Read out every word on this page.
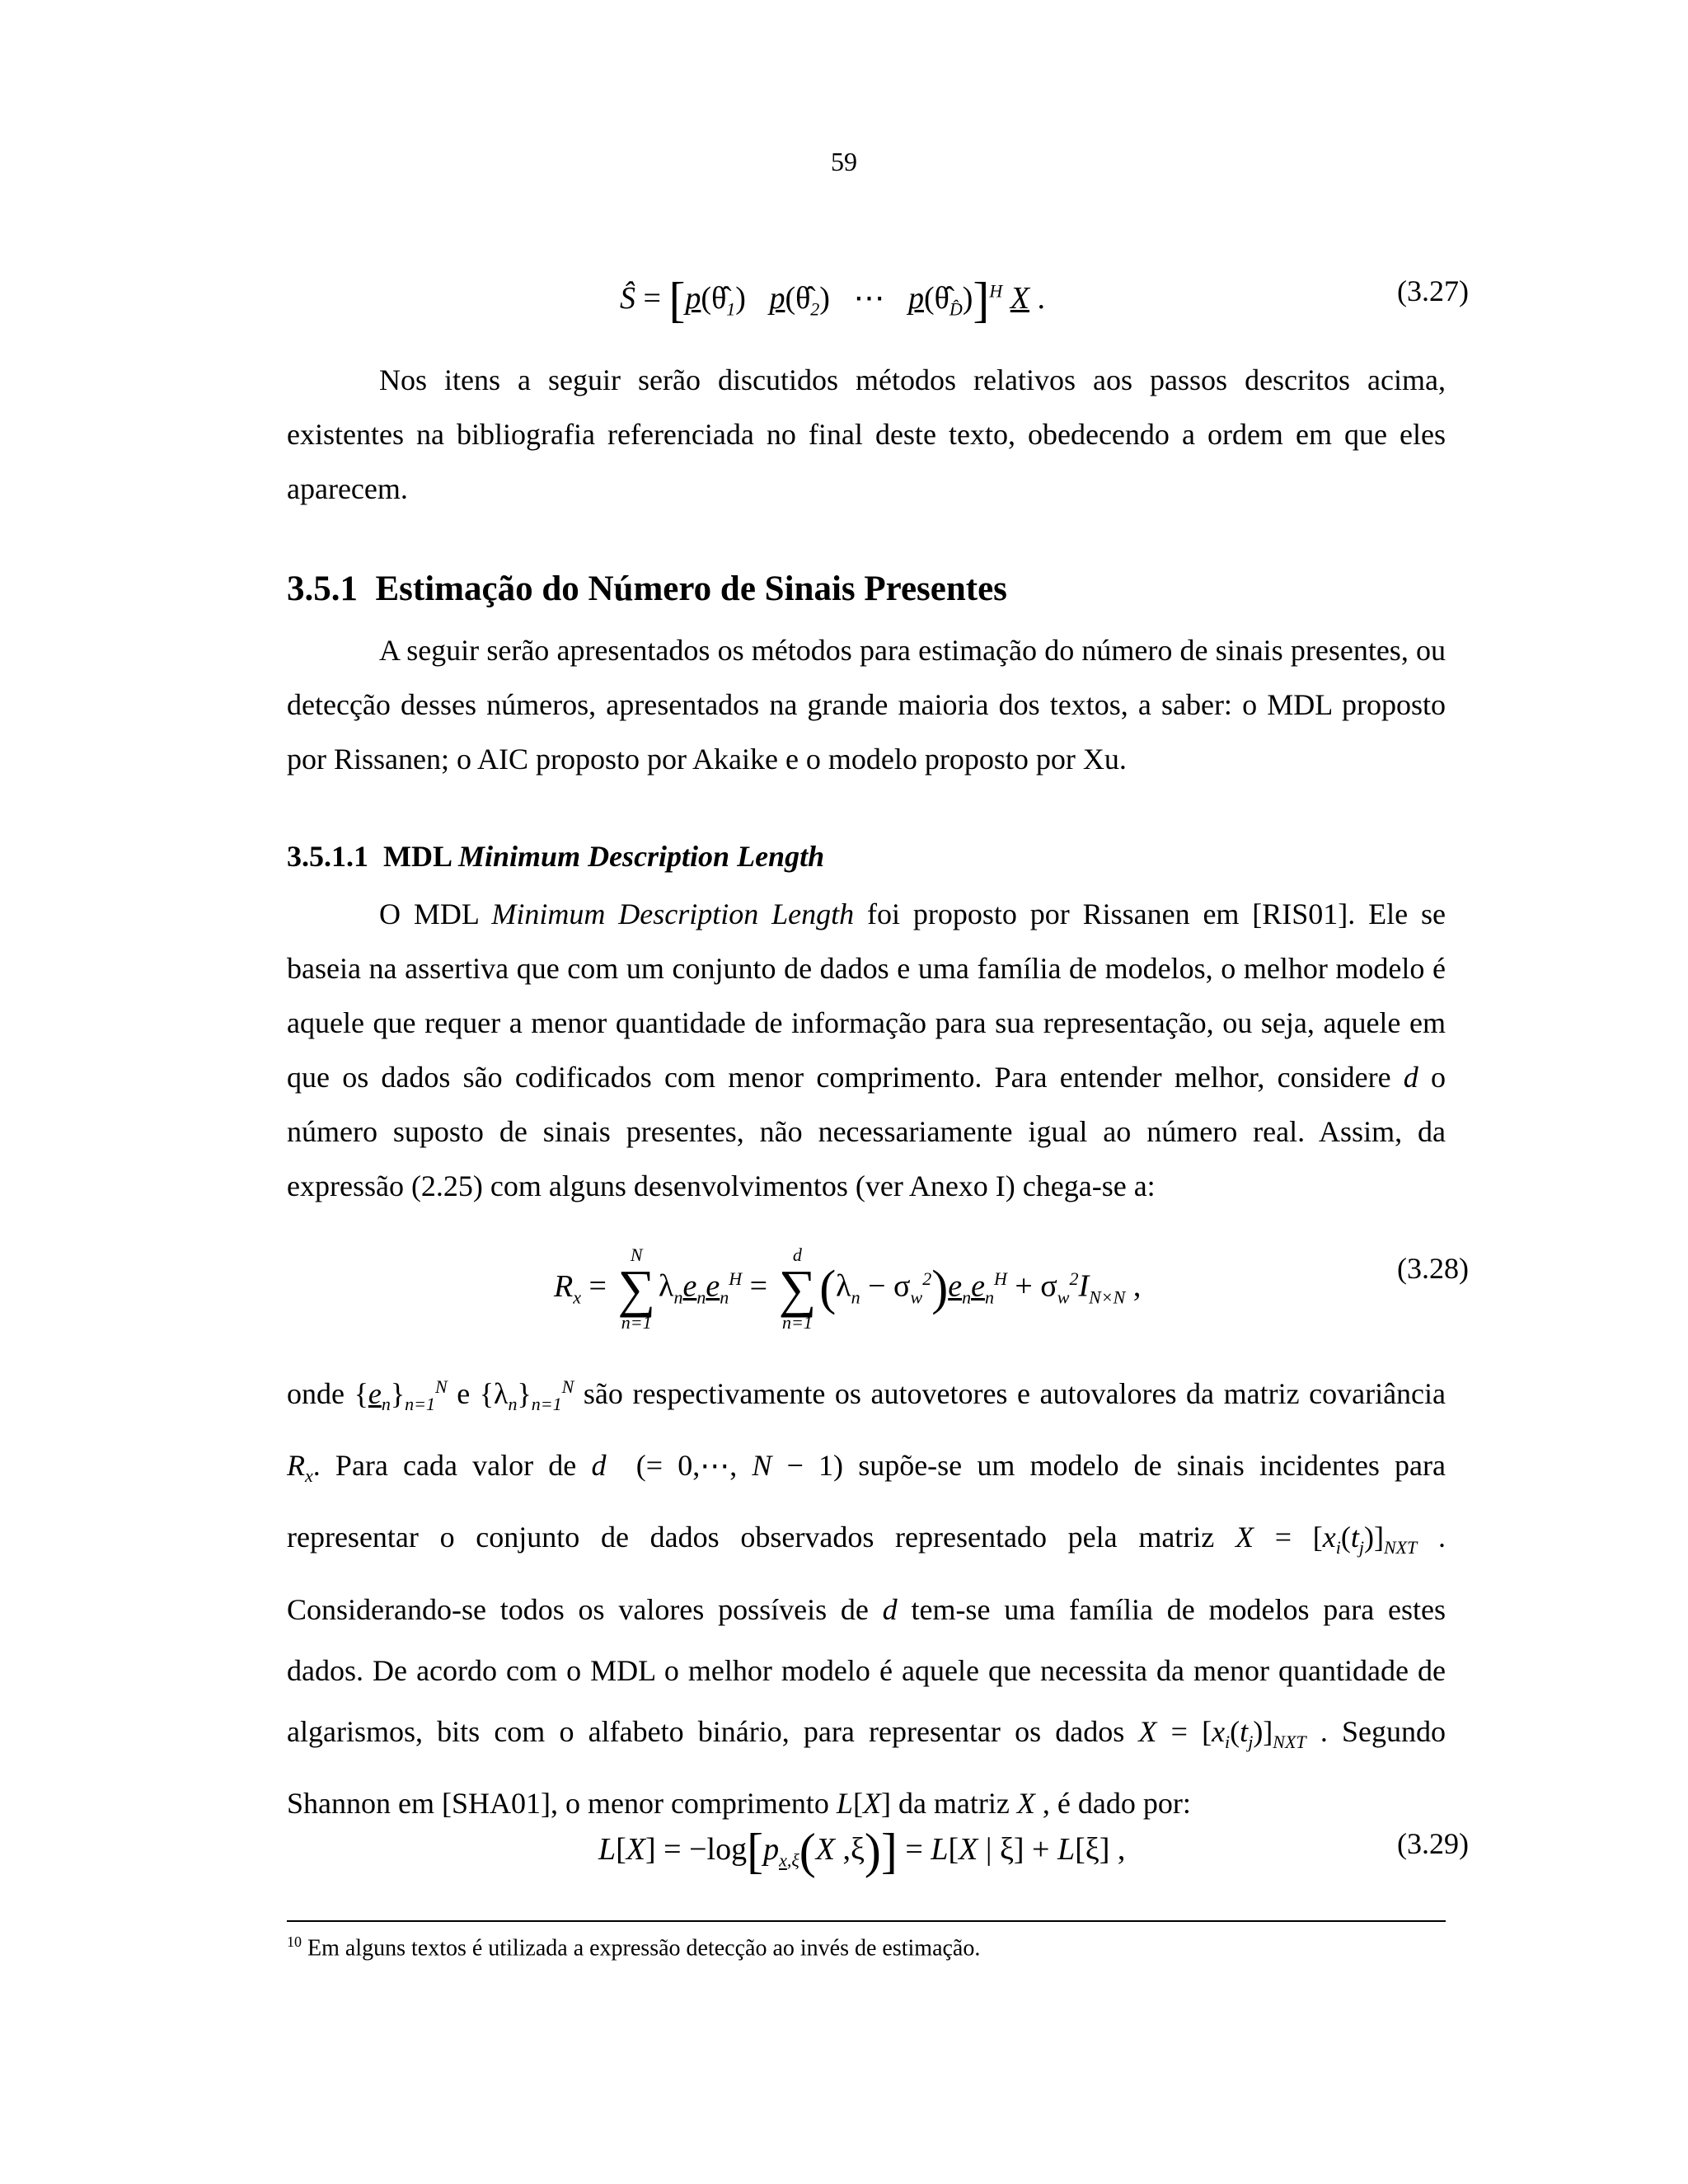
59
Ŝ = [$p(\thetâ_1)$   $p(\thetâ_2)$   ⋯   $p(\thetâ_{D̂})]^H$ X .	(3.27)

Nos itens a seguir serão discutidos métodos relativos aos passos descritos acima, existentes na bibliografia referenciada no final deste texto, obedecendo a ordem em que eles aparecem.

3.5.1 Estimação do Número de Sinais Presentes

A seguir serão apresentados os métodos para estimação do número de sinais presentes, ou detecção desses números, apresentados na grande maioria dos textos, a saber: o MDL proposto por Rissanen; o AIC proposto por Akaike e o modelo proposto por Xu.

3.5.1.1 MDL Minimum Description Length

O MDL Minimum Description Length foi proposto por Rissanen em [RIS01]. Ele se baseia na assertiva que com um conjunto de dados e uma família de modelos, o melhor modelo é aquele que requer a menor quantidade de informação para sua representação, ou seja, aquele em que os dados são codificados com menor comprimento. Para entender melhor, considere d o número suposto de sinais presentes, não necessariamente igual ao número real. Assim, da expressão (2.25) com alguns desenvolvimentos (ver Anexo I) chega-se a:

$R_x$ =
N
∑
n=1
$\lambda_ne_ne_n^H$ =
d
∑
n=1
$(\lambda_n - \sigma_w^2)e_ne_n^H + \sigma_w^2I_{N\times N}$ ,
(3.28)

onde $\{e_n\}_{n=1}^N$ e $\{\lambda_n\}_{n=1}^N$ são respectivamente os autovetores e autovalores da matriz covariância $R_x$. Para cada valor de d  (= 0,⋯, N − 1) supõe-se um modelo de sinais incidentes para representar o conjunto de dados observados representado pela matriz $X = [x_i(t_j)]_{NXT}$ . Considerando-se todos os valores possíveis de d tem-se uma família de modelos para estes dados. De acordo com o MDL o melhor modelo é aquele que necessita da menor quantidade de algarismos, bits com o alfabeto binário, para representar os dados $X = [x_i(t_j)]_{NXT}$ . Segundo Shannon em [SHA01], o menor comprimento L[X] da matriz X , é dado por:

$L[X] = -\log[p_{x,\xi}(X$ ,ξ)] = L[X | ξ] + L[ξ] ,	(3.29)
$^{10}$ Em alguns textos é utilizada a expressão detecção ao invés de estimação.
